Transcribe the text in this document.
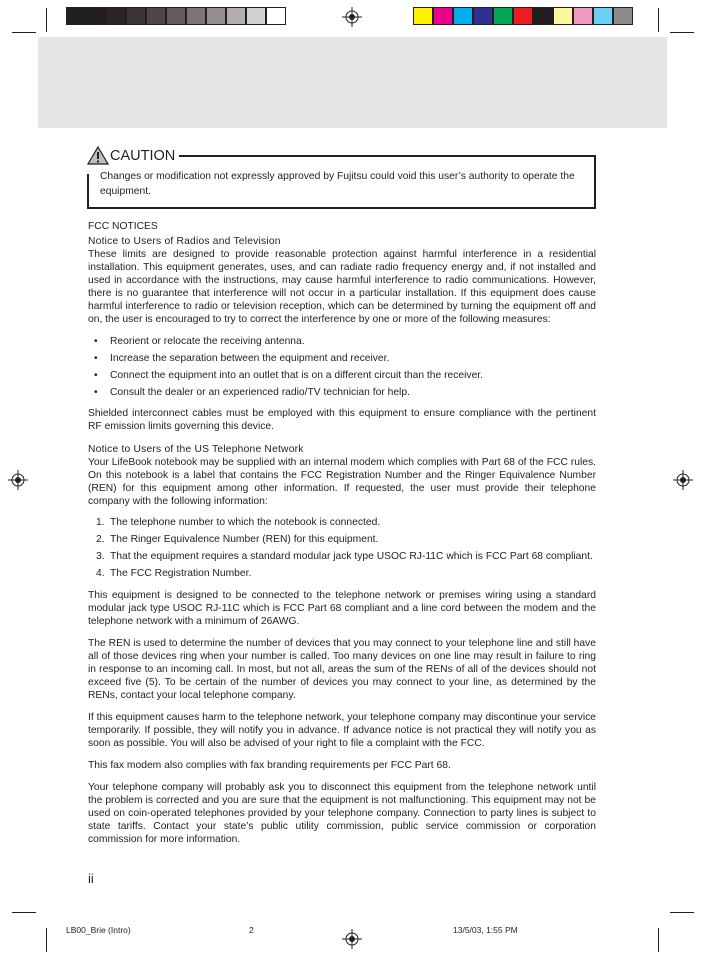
CAUTION
Changes or modification not expressly approved by Fujitsu could void this user’s authority to operate the equipment.
FCC NOTICES
Notice to Users of Radios and Television

These limits are designed to provide reasonable protection against harmful interference in a residential installation. This equipment generates, uses, and can radiate radio frequency energy and, if not installed and used in accordance with the instructions, may cause harmful interference to radio communications. However, there is no guarantee that interference will not occur in a particular installation. If this equipment does cause harmful interference to radio or television reception, which can be determined by turning the equipment off and on, the user is encouraged to try to correct the interference by one or more of the following measures:

• Reorient or relocate the receiving antenna.
• Increase the separation between the equipment and receiver.
• Connect the equipment into an outlet that is on a different circuit than the receiver.
• Consult the dealer or an experienced radio/TV technician for help.

Shielded interconnect cables must be employed with this equipment to ensure compliance with the pertinent RF emission limits governing this device.

Notice to Users of the US Telephone Network

Your LifeBook notebook may be supplied with an internal modem which complies with Part 68 of the FCC rules. On this notebook is a label that contains the FCC Registration Number and the Ringer Equivalence Number (REN) for this equipment among other information. If requested, the user must provide their telephone company with the following information:

1. The telephone number to which the notebook is connected.
2. The Ringer Equivalence Number (REN) for this equipment.
3. That the equipment requires a standard modular jack type USOC RJ-11C which is FCC Part 68 compliant.
4. The FCC Registration Number.

This equipment is designed to be connected to the telephone network or premises wiring using a standard modular jack type USOC RJ-11C which is FCC Part 68 compliant and a line cord between the modem and the telephone network with a minimum of 26AWG.

The REN is used to determine the number of devices that you may connect to your telephone line and still have all of those devices ring when your number is called. Too many devices on one line may result in failure to ring in response to an incoming call. In most, but not all, areas the sum of the RENs of all of the devices should not exceed five (5). To be certain of the number of devices you may connect to your line, as determined by the RENs, contact your local telephone company.

If this equipment causes harm to the telephone network, your telephone company may discontinue your service temporarily. If possible, they will notify you in advance. If advance notice is not practical they will notify you as soon as possible. You will also be advised of your right to file a complaint with the FCC.

This fax modem also complies with fax branding requirements per FCC Part 68.

Your telephone company will probably ask you to disconnect this equipment from the telephone network until the problem is corrected and you are sure that the equipment is not malfunctioning. This equipment may not be used on coin-operated telephones provided by your telephone company. Connection to party lines is subject to state tariffs. Contact your state’s public utility commission, public service commission or corporation commission for more information.

ii
LB00_Brie (Intro)	2	13/5/03, 1:55 PM
